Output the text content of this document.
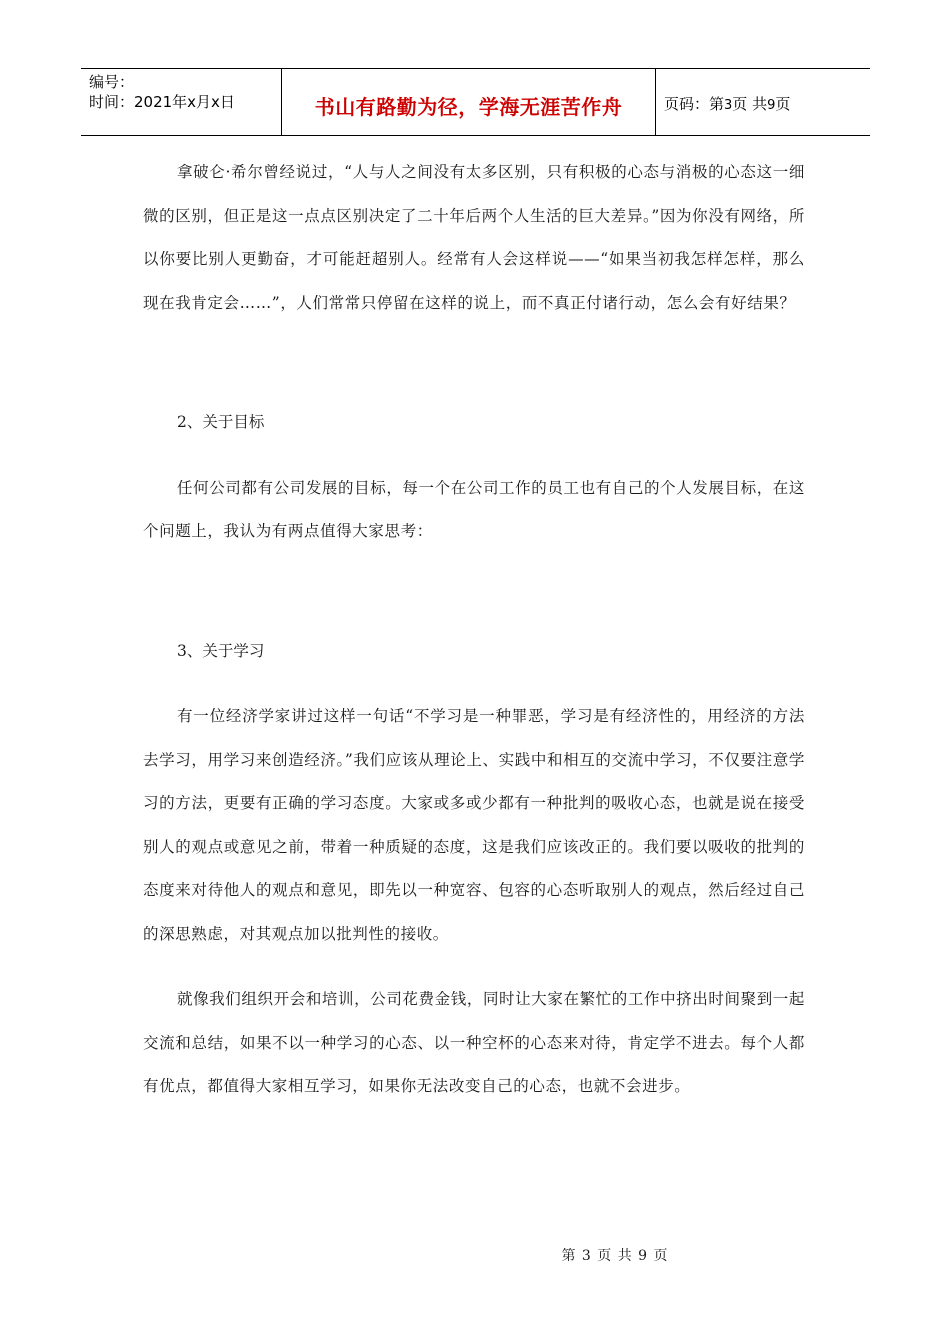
编号：
时间：2021年x月x日	书山有路勤为径，学海无涯苦作舟	页码：第3页 共9页

拿破仑·希尔曾经说过，“人与人之间没有太多区别，只有积极的心态与消极的心态这一细微的区别，但正是这一点点区别决定了二十年后两个人生活的巨大差异。”因为你没有网络，所以你要比别人更勤奋，才可能赶超别人。经常有人会这样说——“如果当初我怎样怎样，那么现在我肯定会……”，人们常常只停留在这样的说上，而不真正付诸行动，怎么会有好结果？

2、关于目标

任何公司都有公司发展的目标，每一个在公司工作的员工也有自己的个人发展目标，在这个问题上，我认为有两点值得大家思考：

3、关于学习

有一位经济学家讲过这样一句话“不学习是一种罪恶，学习是有经济性的，用经济的方法去学习，用学习来创造经济。”我们应该从理论上、实践中和相互的交流中学习，不仅要注意学习的方法，更要有正确的学习态度。大家或多或少都有一种批判的吸收心态，也就是说在接受别人的观点或意见之前，带着一种质疑的态度，这是我们应该改正的。我们要以吸收的批判的态度来对待他人的观点和意见，即先以一种宽容、包容的心态听取别人的观点，然后经过自己的深思熟虑，对其观点加以批判性的接收。

就像我们组织开会和培训，公司花费金钱，同时让大家在繁忙的工作中挤出时间聚到一起交流和总结，如果不以一种学习的心态、以一种空杯的心态来对待，肯定学不进去。每个人都有优点，都值得大家相互学习，如果你无法改变自己的心态，也就不会进步。

第 3 页 共 9 页
